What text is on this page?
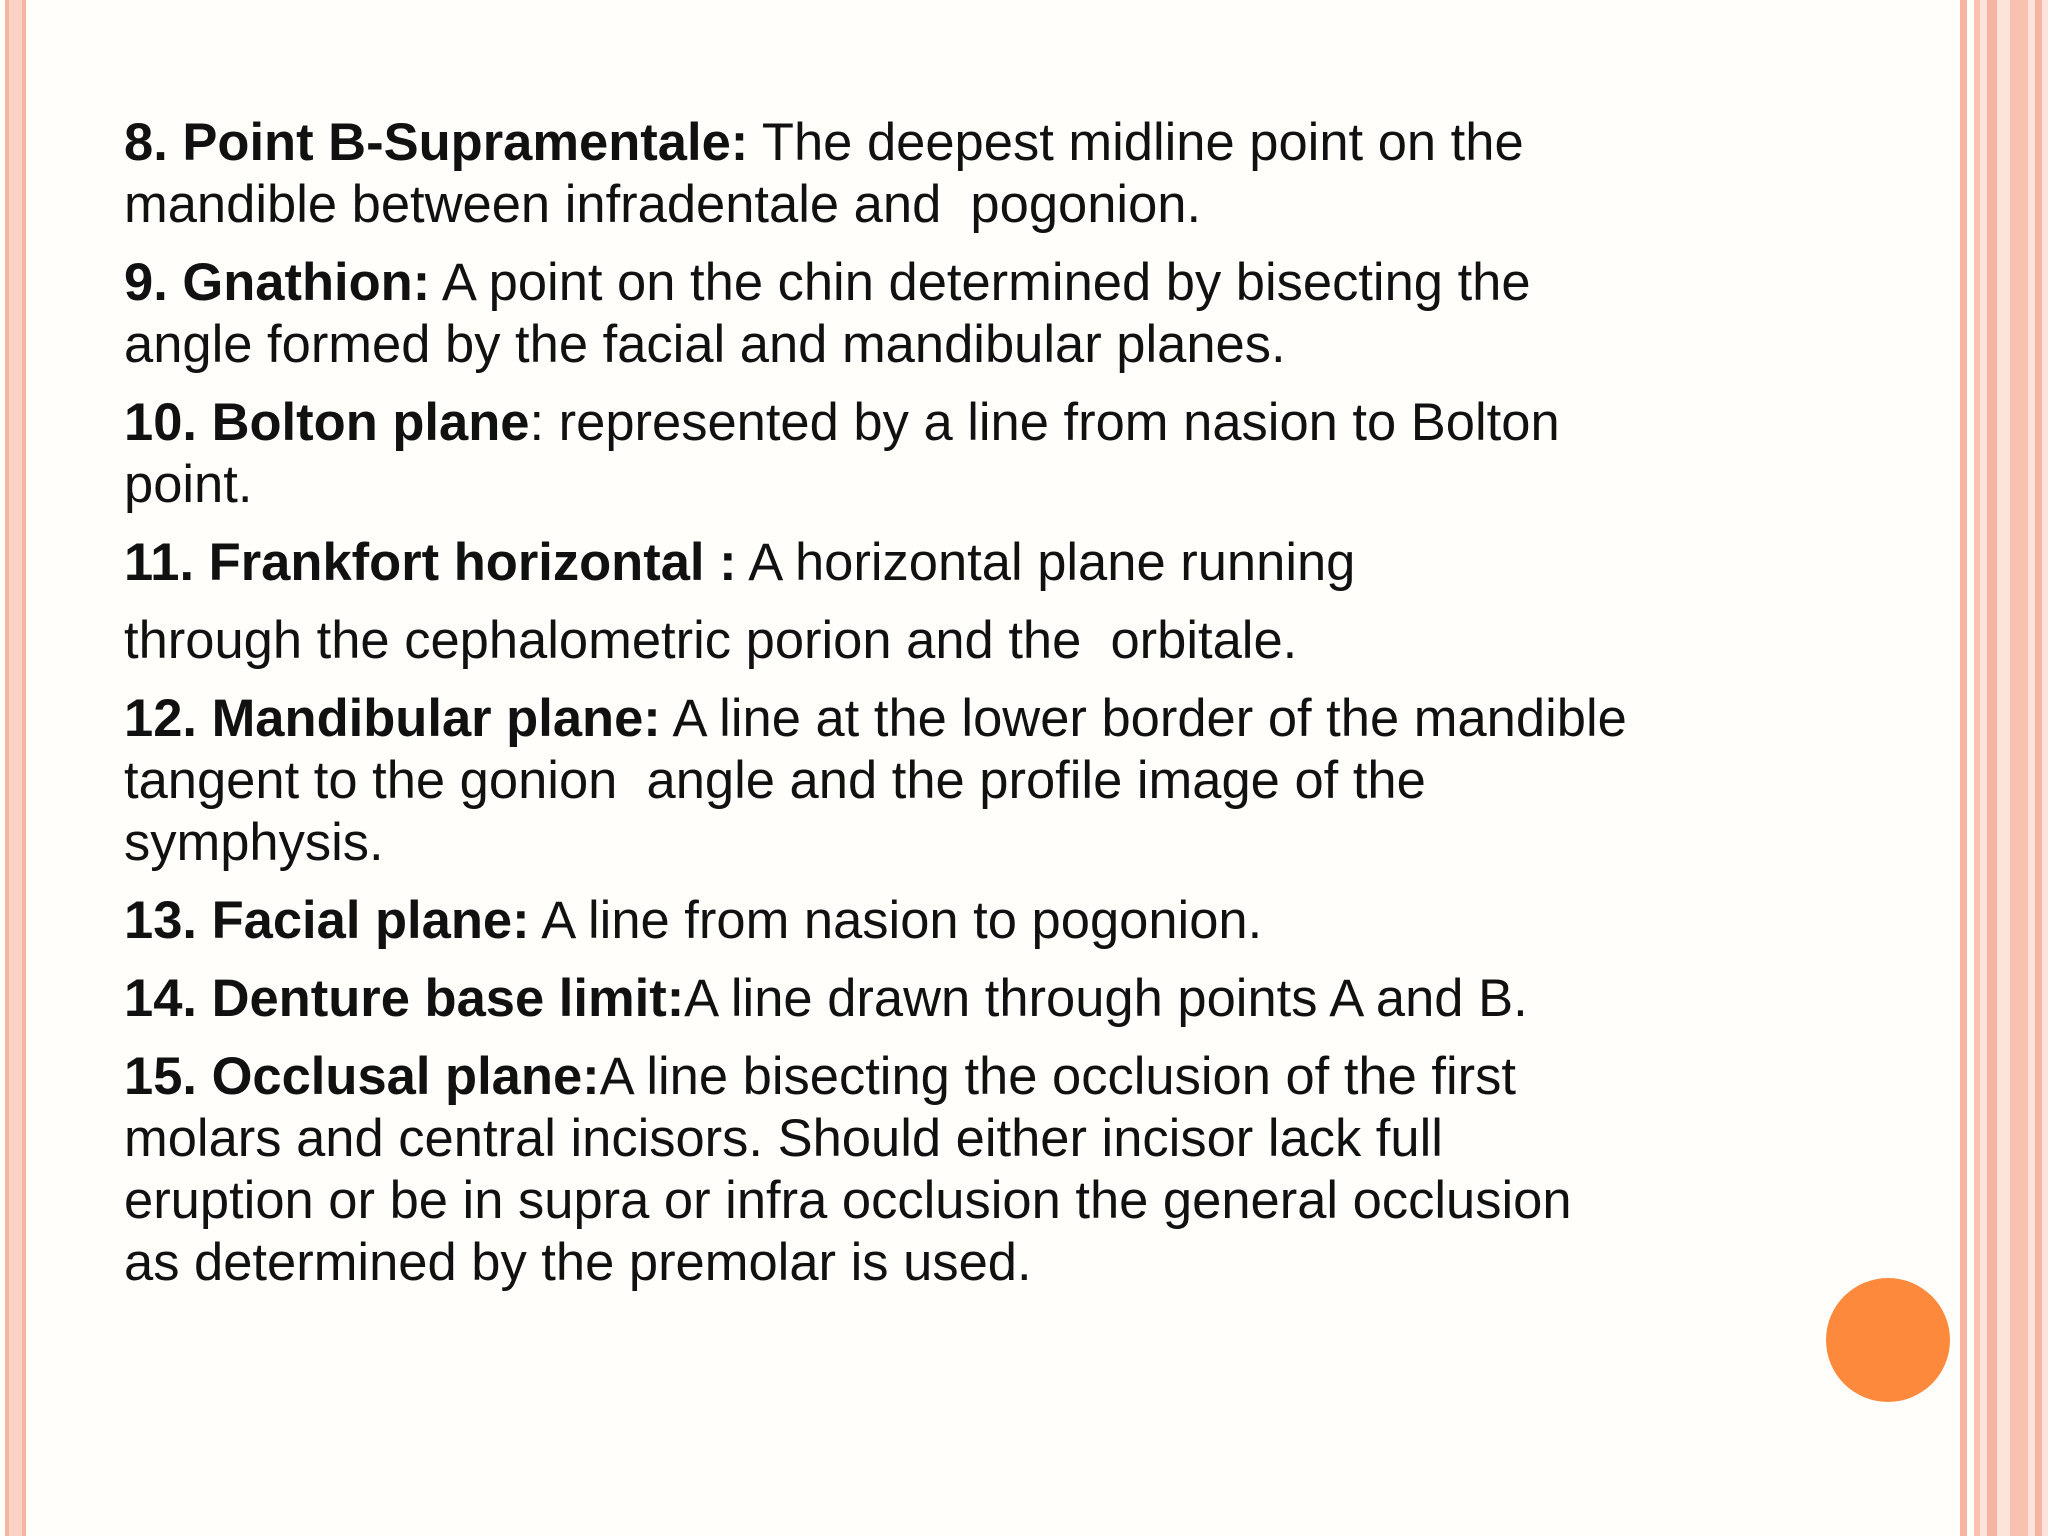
8. Point B-Supramentale: The deepest midline point on the
mandible between infradentale and  pogonion.

9. Gnathion: A point on the chin determined by bisecting the
angle formed by the facial and mandibular planes.

10. Bolton plane: represented by a line from nasion to Bolton
point.

11. Frankfort horizontal : A horizontal plane running

through the cephalometric porion and the  orbitale.

12. Mandibular plane: A line at the lower border of the mandible
tangent to the gonion  angle and the profile image of the
symphysis.

13. Facial plane: A line from nasion to pogonion.

14. Denture base limit:A line drawn through points A and B.

15. Occlusal plane:A line bisecting the occlusion of the first
molars and central incisors. Should either incisor lack full
eruption or be in supra or infra occlusion the general occlusion
as determined by the premolar is used.
